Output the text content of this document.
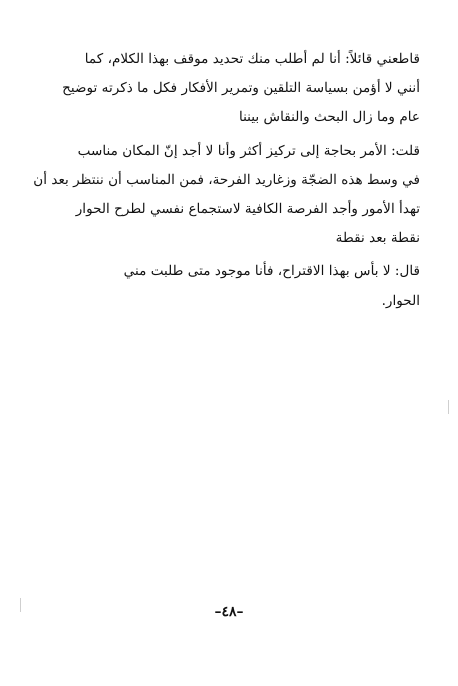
قاطعني قائلاً: أنا لم أطلب منك تحديد موقف بهذا الكلام، كما
أنني لا أؤمن بسياسة التلقين وتمرير الأفكار فكل ما ذكرته توضيح
عام وما زال البحث والنقاش بيننا

قلت: الأمر بحاجة إلى تركيز أكثر وأنا لا أجد إنّ المكان مناسب
في وسط هذه الضجّة وزغاريد الفرحة، فمن المناسب أن ننتظر بعد أن
تهدأ الأمور وأجد الفرصة الكافية لاستجماع نفسي لطرح الحوار
نقطة بعد نقطة

قال: لا بأس بهذا الاقتراح، فأنا موجود متى طلبت مني
الحوار.

–٤٨–
